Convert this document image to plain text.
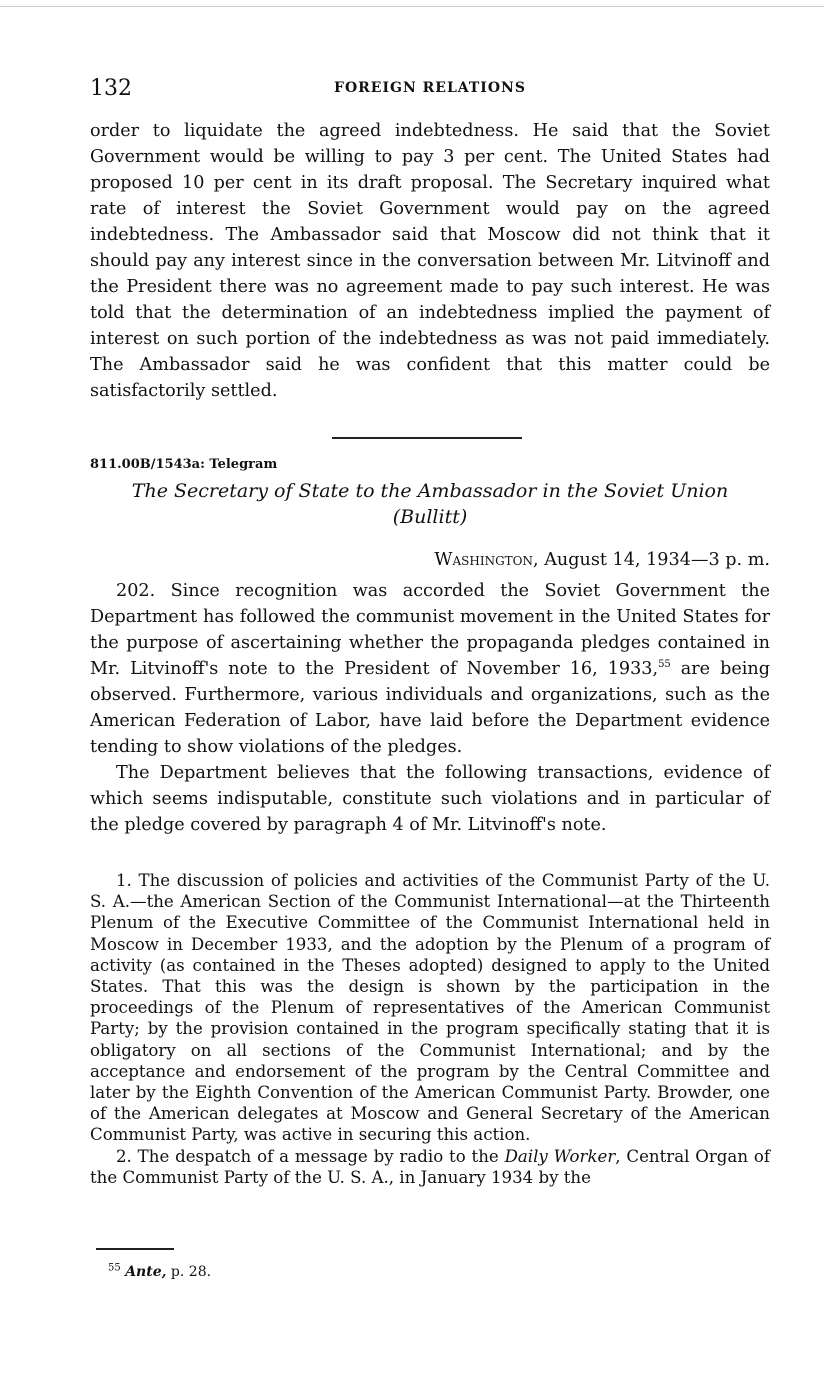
132	FOREIGN RELATIONS

order to liquidate the agreed indebtedness. He said that the Soviet Government would be willing to pay 3 per cent. The United States had proposed 10 per cent in its draft proposal. The Secretary inquired what rate of interest the Soviet Government would pay on the agreed indebtedness. The Ambassador said that Moscow did not think that it should pay any interest since in the conversation between Mr. Litvinoff and the President there was no agreement made to pay such interest. He was told that the determination of an indebtedness implied the payment of interest on such portion of the indebtedness as was not paid immediately. The Ambassador said he was confident that this matter could be satisfactorily settled.

811.00B/1543a: Telegram
The Secretary of State to the Ambassador in the Soviet Union
(Bullitt)
Washington, August 14, 1934—3 p. m.

202. Since recognition was accorded the Soviet Government the Department has followed the communist movement in the United States for the purpose of ascertaining whether the propaganda pledges contained in Mr. Litvinoff's note to the President of November 16, 1933,55 are being observed. Furthermore, various individuals and organizations, such as the American Federation of Labor, have laid before the Department evidence tending to show violations of the pledges.

The Department believes that the following transactions, evidence of which seems indisputable, constitute such violations and in particular of the pledge covered by paragraph 4 of Mr. Litvinoff's note.

1. The discussion of policies and activities of the Communist Party of the U. S. A.—the American Section of the Communist International—at the Thirteenth Plenum of the Executive Committee of the Communist International held in Moscow in December 1933, and the adoption by the Plenum of a program of activity (as contained in the Theses adopted) designed to apply to the United States. That this was the design is shown by the participation in the proceedings of the Plenum of representatives of the American Communist Party; by the provision contained in the program specifically stating that it is obligatory on all sections of the Communist International; and by the acceptance and endorsement of the program by the Central Committee and later by the Eighth Convention of the American Communist Party. Browder, one of the American delegates at Moscow and General Secretary of the American Communist Party, was active in securing this action.

2. The despatch of a message by radio to the Daily Worker, Central Organ of the Communist Party of the U. S. A., in January 1934 by the

$^{55}$ Ante, p. 28.
